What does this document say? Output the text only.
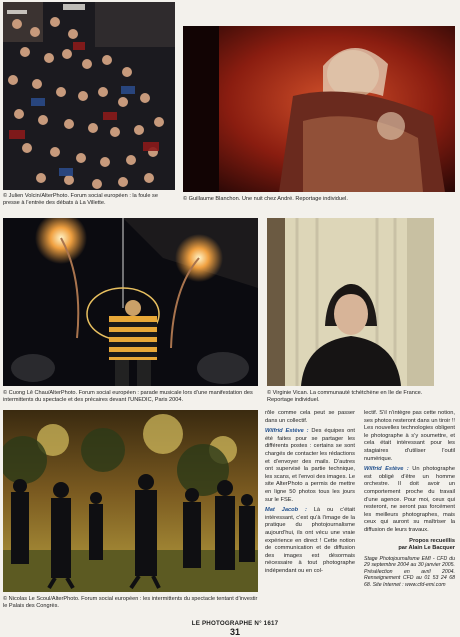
© Julien Volcin/AlterPhoto. Forum social européen : la foule se presse à l’entrée des débats à La Villette.
© Guillaume Blanchon. Une nuit chez André. Reportage individuel.
© Cuong Lê Chau/AlterPhoto. Forum social européen : parade musicale lors d’une manifestation des intermittents du spectacle et des précaires devant l’UNEDIC, Paris 2004.
© Virginie Vican. La communauté tchétchène en Ile de France. Reportage individuel.
© Nicolas Le Scoul/AlterPhoto. Forum social européen : les intermittents du spectacle tentant d’investir le Palais des Congrès.

rôle comme cela peut se passer dans un collectif.

Wilfrid Estève : Des équipes ont été faites pour se partager les différents postes : certains se sont chargés de contacter les rédactions et d’envoyer des mails. D’autres ont supervisé la partie technique, les scans, et l’envoi des images. Le site AlterPhoto a permis de mettre en ligne 50 photos tous les jours sur le FSE.

Mat Jacob : Là ou c’était intéressant, c’est qu’à l’image de la pratique du photojournalisme aujourd’hui, ils ont vécu une vraie expérience en direct ! Cette notion de communication et de diffusion des images est désormais nécessaire à tout photographe indépendant ou en col-

lectif. S’il n’intègre pas cette notion, ses photos resteront dans un tiroir !! Les nouvelles technologies obligent le photographe à s’y soumettre, et cela était intéressant pour les stagiaires d’utiliser l’outil numérique.

Wilfrid Estève : Un photographe est obligé d’être un homme orchestre. Il doit avoir un comportement proche du travail d’une agence. Pour moi, ceux qui resteront, ne seront pas forcément les meilleurs photographes, mais ceux qui auront su maîtriser la diffusion de leurs travaux.

Propos recueillis
par Alain Le Bacquer
Stage Photojournalisme EMI - CFD du 29 septembre 2004 au 30 janvier 2005. Présélection en avril 2004. Renseignement CFD au 01 53 24 68 68. Site Internet : www.cfd-emi.com
LE PHOTOGRAPHE N° 1617
31
